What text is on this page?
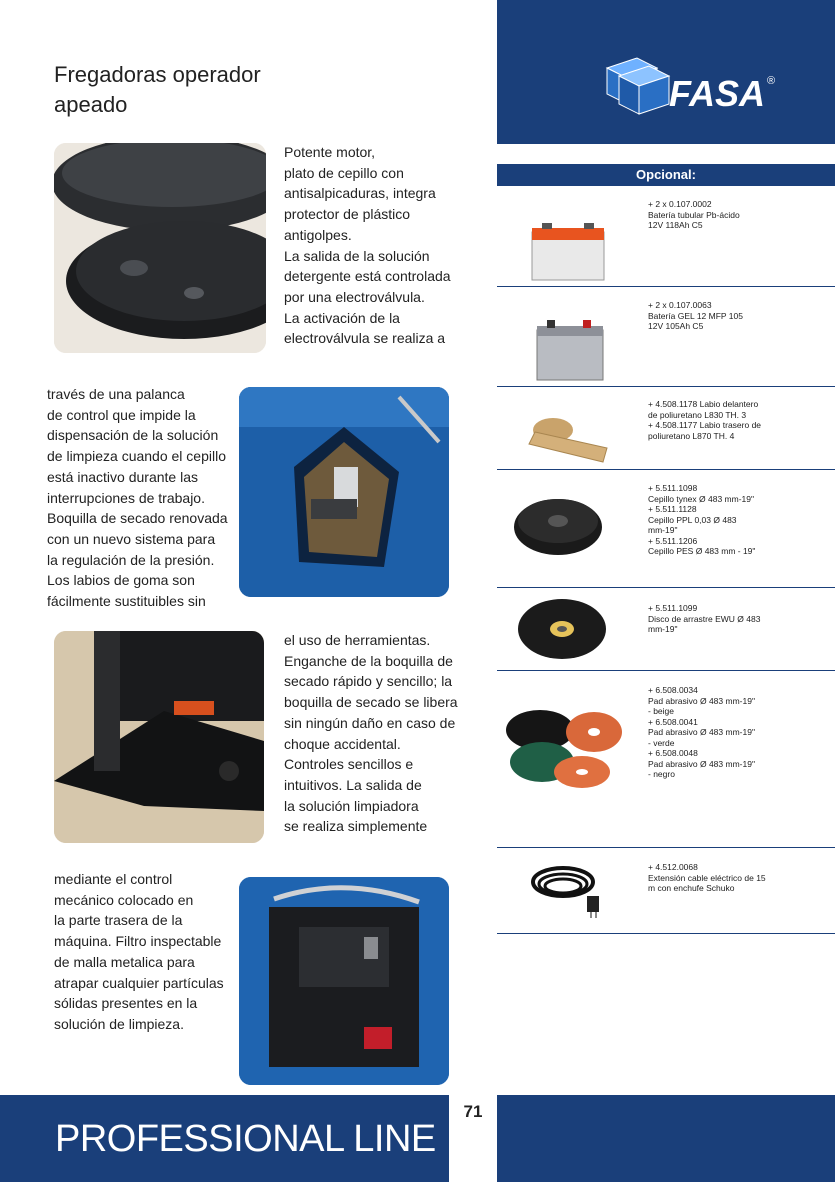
FASA ®
Fregadoras operador
apeado
Potente motor,
plato de cepillo con
antisalpicaduras, integra
protector de plástico
antigolpes.
La salida de la solución
detergente está controlada
por una electroválvula.
La activación de la
electroválvula se realiza a
través de una palanca
de control que impide la
dispensación de la solución
de limpieza cuando el cepillo
está inactivo durante las
interrupciones de trabajo.
Boquilla de secado renovada
con un nuevo sistema para
la regulación de la presión.
Los labios de goma son
fácilmente sustituibles sin
el uso de herramientas.
Enganche de la boquilla de
secado rápido y sencillo; la boquilla de secado se libera
sin ningún daño en caso de
choque accidental.
Controles sencillos e
intuitivos. La salida de
la solución limpiadora
se realiza simplemente
mediante el control
mecánico colocado en
la parte trasera de la
máquina. Filtro inspectable
de malla metalica para
atrapar cualquier partículas
sólidas presentes en la
solución de limpieza.
Opcional:
+ 2 x 0.107.0002
Batería tubular Pb-ácido
12V 118Ah C5
+ 2 x 0.107.0063
Batería GEL 12 MFP 105
12V 105Ah C5
+ 4.508.1178 Labio delantero
de poliuretano L830 TH. 3
+ 4.508.1177 Labio trasero de
poliuretano L870 TH. 4
+ 5.511.1098
Cepillo tynex Ø 483 mm-19"
+ 5.511.1128
Cepillo PPL 0,03 Ø 483
mm-19"
+ 5.511.1206
Cepillo PES Ø 483 mm - 19"
+ 5.511.1099
Disco de arrastre EWU Ø 483
mm-19"
+ 6.508.0034
Pad abrasivo Ø 483 mm-19"
- beige
+ 6.508.0041
Pad abrasivo Ø 483 mm-19"
- verde
+ 6.508.0048
Pad abrasivo Ø 483 mm-19"
- negro
+ 4.512.0068
Extensión cable eléctrico de 15
m con enchufe Schuko
PROFESSIONAL LINE
71
